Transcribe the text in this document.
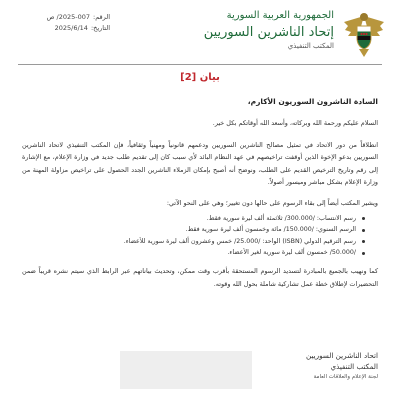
الجمهورية العربية السورية
إتحاد الناشرين السوريين
المكتب التنفيذي
الرقم:
2025-007/ ص
التاريخ:
2025/6/14
بيان [2]

السادة الناشرون السوريون الأكارم،

السلام عليكم ورحمة الله وبركاته، وأسعد الله أوقاتكم بكل خير.

انطلاقاً من دور الاتحاد في تمثيل مصالح الناشرين السوريين ودعمهم قانونياً ومهنياً وثقافياً، فإن المكتب التنفيذي لاتحاد الناشرين السوريين بدعو الإخوة الذين أوقفت تراخيصهم في عهد النظام البائد لأي سبب كان إلى تقديم طلب جديد في وزارة الإعلام، مع الإشارة إلى رقم وتاريخ الترخيص القديم على الطلب، ونوضح أنه أصبح بإمكان الزملاء الناشرين الجدد الحصول على تراخيص مزاولة المهنة من وزارة الإعلام بشكل مباشر وميسور أصولاً.

ويشير المكتب أيضاً إلى بقاء الرسوم على حالها دون تغيير؛ وهي على النحو الآتي:

رسم الانتساب: /300.000/ ثلاثمئة ألف ليرة سورية فقط.
الرسم السنوي: /150.000/ مائة وخمسون ألف ليرة سورية فقط.
رسم الترقيم الدولي (ISBN) الواحد: /25.000/ خمس وعشرون ألف ليرة سورية للأعضاء.
/50.000/ خمسون ألف ليرة سورية لغير الأعضاء.

كما ونهيب بالجميع بالمبادرة لتسديد الرسوم المستحقة بأقرب وقت ممكن، وتحديث بياناتهم عبر الرابط الذي سيتم نشره قريباً ضمن التحضيرات لإطلاق خطة عمل تشاركية شاملة بحول الله وقوته.

اتحاد الناشرين السوريين
المكتب التنفيذي
لجنة الإعلام والعلاقات العامة
